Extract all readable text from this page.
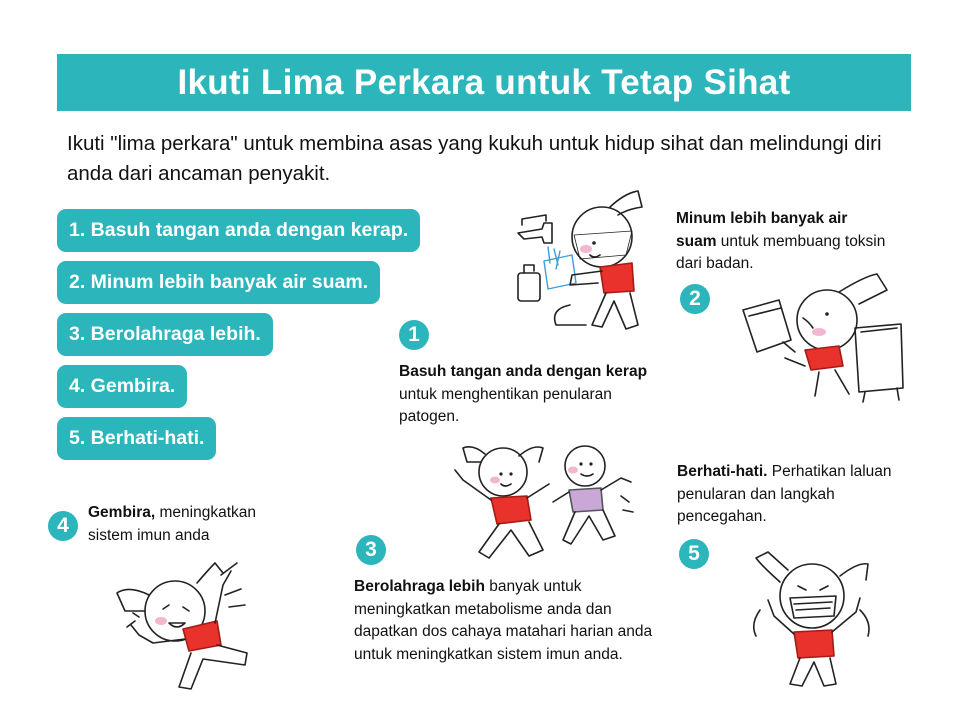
Ikuti Lima Perkara untuk Tetap Sihat
Ikuti "lima perkara" untuk membina asas yang kukuh untuk hidup sihat dan melindungi diri anda dari ancaman penyakit.
1. Basuh tangan anda dengan kerap.
2. Minum lebih banyak air suam.
3. Berolahraga lebih.
4. Gembira.
5. Berhati-hati.
1
2
3
4
5
Basuh tangan anda dengan kerap untuk menghentikan penularan patogen.
Minum lebih banyak air suam untuk membuang toksin dari badan.
Berolahraga lebih banyak untuk meningkatkan metabolisme anda dan dapatkan dos cahaya matahari harian anda untuk meningkatkan sistem imun anda.
Gembira, meningkatkan sistem imun anda
Berhati-hati. Perhatikan laluan penularan dan langkah pencegahan.
